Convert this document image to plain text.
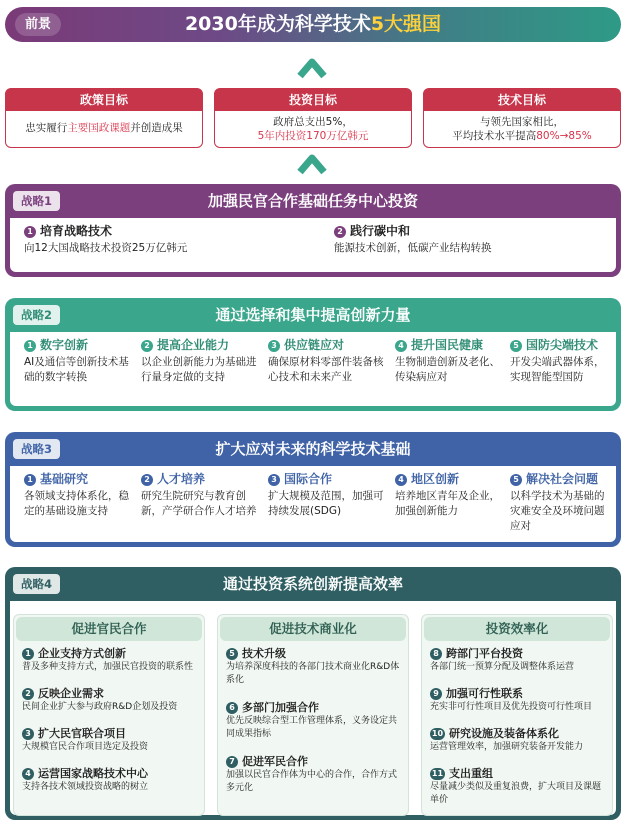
前景	2030年成为科学技术5大强国
政策目标
忠实履行主要国政课题并创造成果
投资目标
政府总支出5%，
5年内投资170万亿韩元
技术目标
与领先国家相比，
平均技术水平提高80%→85%
战略1	加强民官合作基础任务中心投资
1 培育战略技术
向12大国战略技术投资25万亿韩元
2 践行碳中和
能源技术创新，低碳产业结构转换
战略2	通过选择和集中提高创新力量
1 数字创新
AI及通信等创新技术基础的数字转换
2 提高企业能力
以企业创新能力为基础进行量身定做的支持
3 供应链应对
确保原材料零部件装备核心技术和未来产业
4 提升国民健康
生物制造创新及老化、传染病应对
5 国防尖端技术
开发尖端武器体系，实现智能型国防
战略3	扩大应对未来的科学技术基础
1 基础研究
各领域支持体系化，稳定的基础设施支持
2 人才培养
研究生院研究与教育创新，产学研合作人才培养
3 国际合作
扩大规模及范围，加强可持续发展(SDG)
4 地区创新
培养地区青年及企业，加强创新能力
5 解决社会问题
以科学技术为基础的灾难安全及环境问题应对
战略4	通过投资系统创新提高效率
促进官民合作
1 企业支持方式创新
普及多种支持方式，加强民官投资的联系性
2 反映企业需求
民间企业扩大参与政府R&D企划及投资
3 扩大民官联合项目
大规模官民合作项目选定及投资
4 运营国家战略技术中心
支持各技术领域投资战略的树立
促进技术商业化
5 技术升级
为培养深度科技的各部门技术商业化R&D体系化
6 多部门加强合作
优先反映综合型工作管理体系，义务设定共同成果指标
7 促进军民合作
加强以民官合作体为中心的合作，合作方式多元化
投资效率化
8 跨部门平台投资
各部门统一预算分配及调整体系运营
9 加强可行性联系
充实非可行性项目及优先投资可行性项目
10 研究设施及装备体系化
运营管理效率，加强研究装备开发能力
11 支出重组
尽量减少类似及重复浪费，扩大项目及课题单价
